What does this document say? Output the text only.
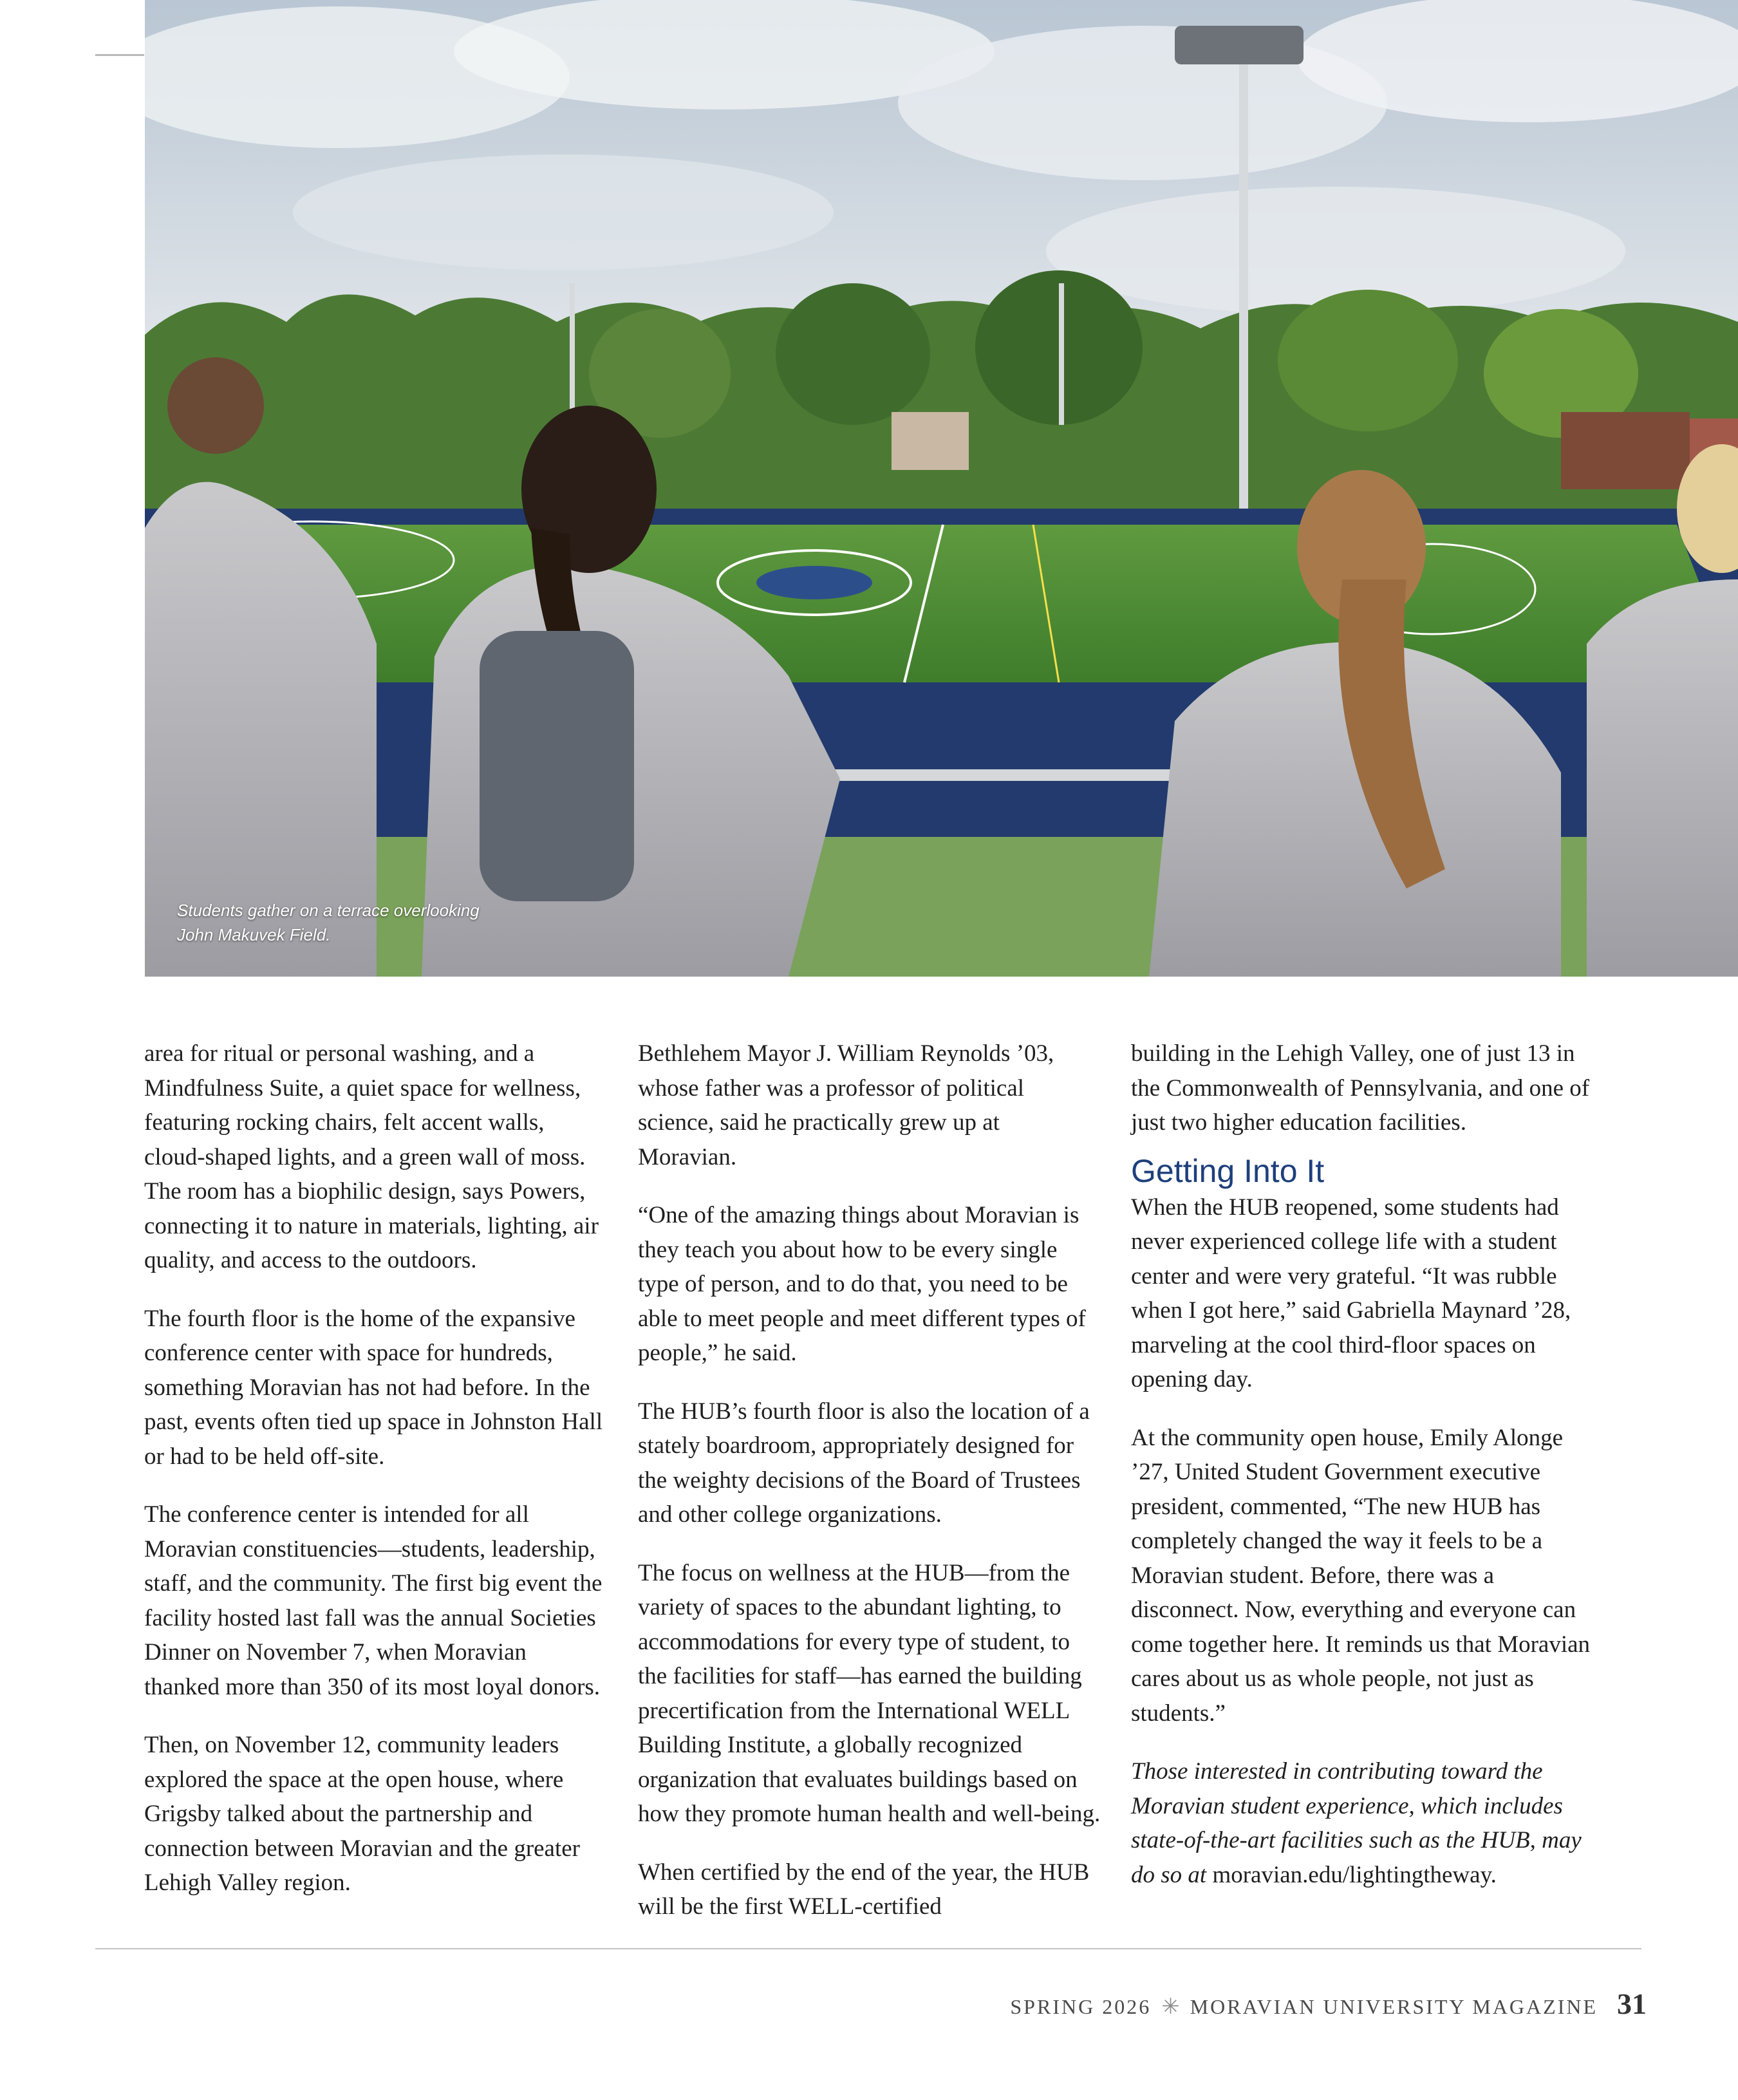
Students gather on a terrace overlooking John Makuvek Field.

area for ritual or personal washing, and a Mindfulness Suite, a quiet space for wellness, featuring rocking chairs, felt accent walls, cloud-shaped lights, and a green wall of moss. The room has a biophilic design, says Powers, connecting it to nature in materials, lighting, air quality, and access to the outdoors.

The fourth floor is the home of the expansive conference center with space for hundreds, something Moravian has not had before. In the past, events often tied up space in Johnston Hall or had to be held off-site.

The conference center is intended for all Moravian constituencies—students, leadership, staff, and the community. The first big event the facility hosted last fall was the annual Societies Dinner on November 7, when Moravian thanked more than 350 of its most loyal donors.

Then, on November 12, community leaders explored the space at the open house, where Grigsby talked about the partnership and connection between Moravian and the greater Lehigh Valley region.

Bethlehem Mayor J. William Reynolds ’03, whose father was a professor of political science, said he practically grew up at Moravian.

“One of the amazing things about Moravian is they teach you about how to be every single type of person, and to do that, you need to be able to meet people and meet different types of people,” he said.

The HUB’s fourth floor is also the location of a stately boardroom, appropriately designed for the weighty decisions of the Board of Trustees and other college organizations.

The focus on wellness at the HUB—from the variety of spaces to the abundant lighting, to accommodations for every type of student, to the facilities for staff—has earned the building precertification from the International WELL Building Institute, a globally recognized organization that evaluates buildings based on how they promote human health and well-being.

When certified by the end of the year, the HUB will be the first WELL-certified

building in the Lehigh Valley, one of just 13 in the Commonwealth of Pennsylvania, and one of just two higher education facilities.

Getting Into It

When the HUB reopened, some students had never experienced college life with a student center and were very grateful. “It was rubble when I got here,” said Gabriella Maynard ’28, marveling at the cool third-floor spaces on opening day.

At the community open house, Emily Alonge ’27, United Student Government executive president, commented, “The new HUB has completely changed the way it feels to be a Moravian student. Before, there was a disconnect. Now, everything and everyone can come together here. It reminds us that Moravian cares about us as whole people, not just as students.”

Those interested in contributing toward the Moravian student experience, which includes state-of-the-art facilities such as the HUB, may do so at moravian.edu/lightingtheway.

SPRING 2026 ✳ MORAVIAN UNIVERSITY MAGAZINE 31
